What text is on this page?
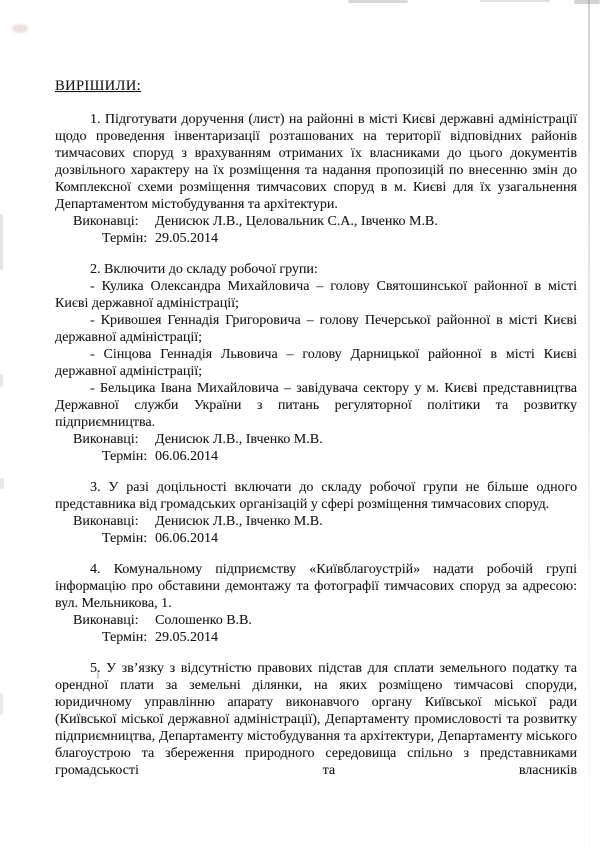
ВИРІШИЛИ:

1. Підготувати доручення (лист) на районні в місті Києві державні адміністрації щодо проведення інвентаризації розташованих на території відповідних районів тимчасових споруд з врахуванням отриманих їх власниками до цього документів дозвільного характеру на їх розміщення та надання пропозицій по внесенню змін до Комплексної схеми розміщення тимчасових споруд в м. Києві для їх узагальнення Департаментом містобудування та архітектури.

Виконавці: Денисюк Л.В., Целовальник С.А., Івченко М.В.
Термін: 29.05.2014

2. Включити до складу робочої групи:

- Кулика Олександра Михайловича – голову Святошинської районної в місті Києві державної адміністрації;

- Кривошея Геннадія Григоровича – голову Печерської районної в місті Києві державної адміністрації;

- Сінцова Геннадія Львовича – голову Дарницької районної в місті Києві державної адміністрації;

- Бельцика Івана Михайловича – завідувача сектору у м. Києві представництва Державної служби України з питань регуляторної політики та розвитку підприємництва.

Виконавці: Денисюк Л.В., Івченко М.В.
Термін: 06.06.2014

3. У разі доцільності включати до складу робочої групи не більше одного представника від громадських організацій у сфері розміщення тимчасових споруд.

Виконавці: Денисюк Л.В., Івченко М.В.
Термін: 06.06.2014

4. Комунальному підприємству «Київблагоустрій» надати робочій групі інформацію про обставини демонтажу та фотографії тимчасових споруд за адресою: вул. Мельникова, 1.

Виконавці: Солошенко В.В.
Термін: 29.05.2014

5. У зв’язку з відсутністю правових підстав для сплати земельного податку та орендної плати за земельні ділянки, на яких розміщено тимчасові споруди, юридичному управлінню апарату виконавчого органу Київської міської ради (Київської міської державної адміністрації), Департаменту промисловості та розвитку підприємництва, Департаменту містобудування та архітектури, Департаменту міського благоустрою та збереження природного середовища спільно з представниками громадськості та власників
